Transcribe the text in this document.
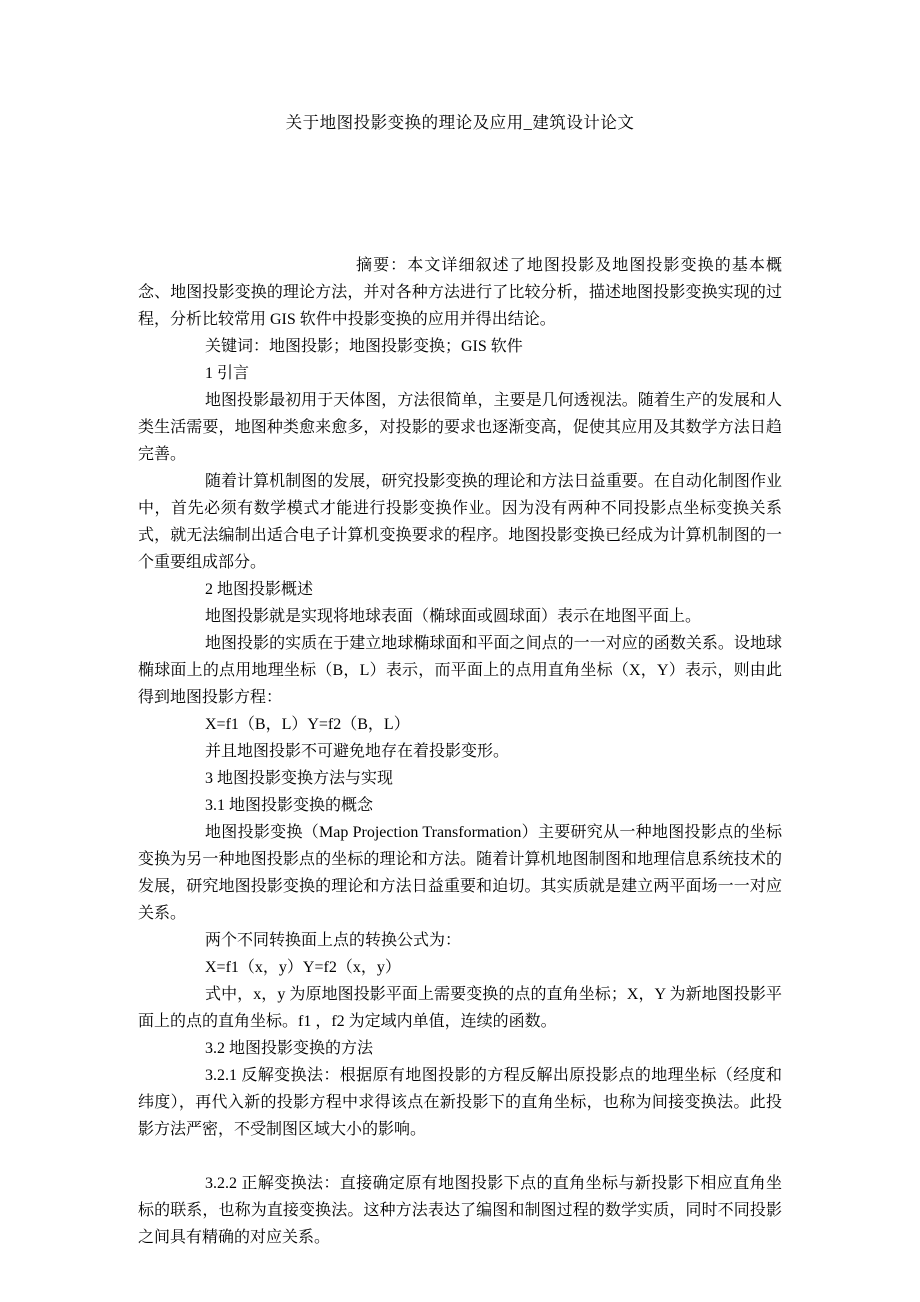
关于地图投影变换的理论及应用_建筑设计论文

摘要：本文详细叙述了地图投影及地图投影变换的基本概念、地图投影变换的理论方法，并对各种方法进行了比较分析，描述地图投影变换实现的过程，分析比较常用 GIS 软件中投影变换的应用并得出结论。

关键词：地图投影；地图投影变换；GIS 软件

1 引言

地图投影最初用于天体图，方法很简单，主要是几何透视法。随着生产的发展和人类生活需要，地图种类愈来愈多，对投影的要求也逐渐变高，促使其应用及其数学方法日趋完善。

随着计算机制图的发展，研究投影变换的理论和方法日益重要。在自动化制图作业中，首先必须有数学模式才能进行投影变换作业。因为没有两种不同投影点坐标变换关系式，就无法编制出适合电子计算机变换要求的程序。地图投影变换已经成为计算机制图的一个重要组成部分。

2 地图投影概述

地图投影就是实现将地球表面（椭球面或圆球面）表示在地图平面上。

地图投影的实质在于建立地球椭球面和平面之间点的一一对应的函数关系。设地球椭球面上的点用地理坐标（B，L）表示，而平面上的点用直角坐标（X，Y）表示，则由此得到地图投影方程：

X=f1（B，L）Y=f2（B，L）

并且地图投影不可避免地存在着投影变形。

3 地图投影变换方法与实现

3.1 地图投影变换的概念

地图投影变换（Map Projection Transformation）主要研究从一种地图投影点的坐标变换为另一种地图投影点的坐标的理论和方法。随着计算机地图制图和地理信息系统技术的发展，研究地图投影变换的理论和方法日益重要和迫切。其实质就是建立两平面场一一对应关系。

两个不同转换面上点的转换公式为：

X=f1（x，y）Y=f2（x，y）

式中，x，y 为原地图投影平面上需要变换的点的直角坐标；X，Y 为新地图投影平面上的点的直角坐标。f1 ，f2 为定域内单值，连续的函数。

3.2 地图投影变换的方法

3.2.1 反解变换法：根据原有地图投影的方程反解出原投影点的地理坐标（经度和纬度），再代入新的投影方程中求得该点在新投影下的直角坐标，也称为间接变换法。此投影方法严密，不受制图区域大小的影响。

3.2.2 正解变换法：直接确定原有地图投影下点的直角坐标与新投影下相应直角坐标的联系，也称为直接变换法。这种方法表达了编图和制图过程的数学实质，同时不同投影之间具有精确的对应关系。
